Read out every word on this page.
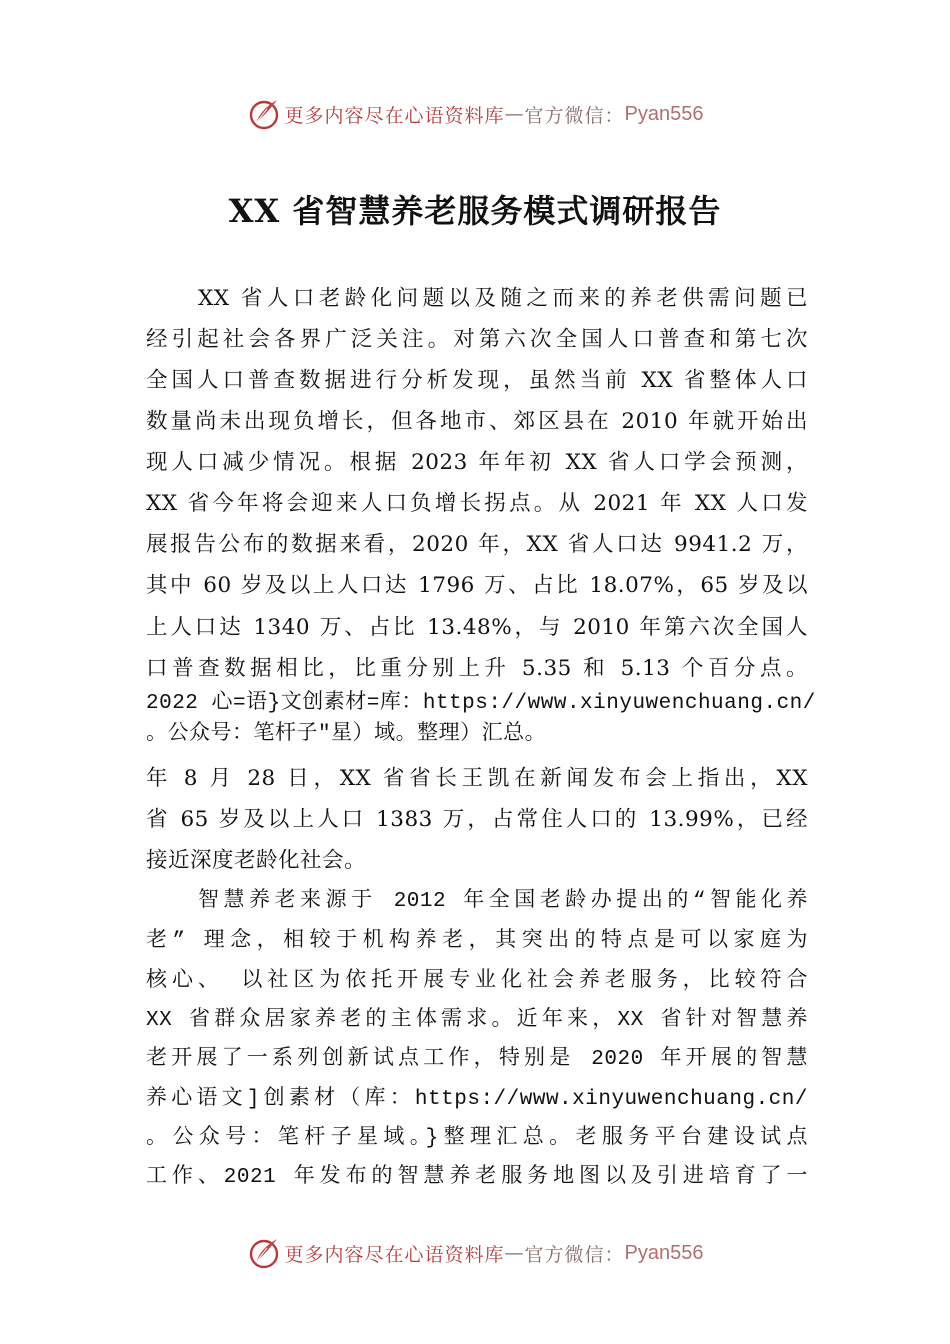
更多内容尽在心语资料库 — 官方微信： Pyan556
XX 省智慧养老服务模式调研报告
XX 省人口老龄化问题以及随之而来的养老供需问题已
经引起社会各界广泛关注。对第六次全国人口普查和第七次
全国人口普查数据进行分析发现，虽然当前 XX 省整体人口
数量尚未出现负增长，但各地市、郊区县在 2010 年就开始出
现人口减少情况。根据 2023 年年初 XX 省人口学会预测，
XX 省今年将会迎来人口负增长拐点。从 2021 年 XX 人口发
展报告公布的数据来看，2020 年，XX 省人口达 9941.2 万，
其中 60 岁及以上人口达 1796 万、占比 18.07%，65 岁及以
上人口达 1340 万、占比 13.48%，与 2010 年第六次全国人
口普查数据相比，比重分别上升 5.35 和 5.13 个百分点。
2022 心=语}文创素材=库：https://www.xinyuwenchuang.cn/
。公众号：笔杆子"星）域。整理）汇总。
年 8 月 28 日，XX 省省长王凯在新闻发布会上指出，XX
省 65 岁及以上人口 1383 万，占常住人口的 13.99%，已经
接近深度老龄化社会。
智慧养老来源于 2012 年全国老龄办提出的“智能化养
老” 理念，相较于机构养老，其突出的特点是可以家庭为
核心、 以社区为依托开展专业化社会养老服务，比较符合
XX 省群众居家养老的主体需求。近年来，XX 省针对智慧养
老开展了一系列创新试点工作，特别是 2020 年开展的智慧
养心语文]创素材（库：https://www.xinyuwenchuang.cn/
。公众号：笔杆子星域。}整理汇总。老服务平台建设试点
工作、2021 年发布的智慧养老服务地图以及引进培育了一
更多内容尽在心语资料库 — 官方微信： Pyan556
